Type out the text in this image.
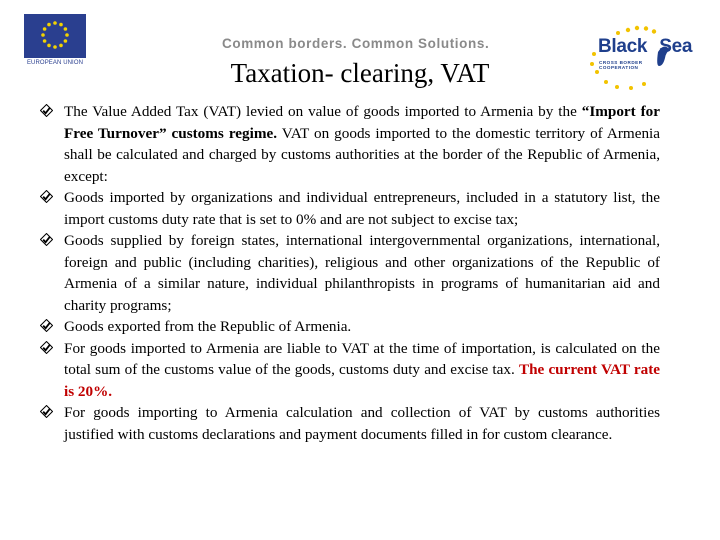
EUROPEAN UNION
Common borders. Common Solutions.	Black Sea
CROSS BORDER
COOPERATION
Taxation- clearing, VAT

The Value Added Tax (VAT) levied on value of goods imported to Armenia by the “Import for Free Turnover” customs regime. VAT on goods imported to the domestic territory of Armenia shall be calculated and charged by customs authorities at the border of the Republic of Armenia, except:

Goods imported by organizations and individual entrepreneurs, included in a statutory list, the import customs duty rate that is set to 0% and are not subject to excise tax;

Goods supplied by foreign states, international intergovernmental organizations, international, foreign and public (including charities), religious and other organizations of the Republic of Armenia of a similar nature, individual philanthropists in programs of humanitarian aid and charity programs;

Goods exported from the Republic of Armenia.

For goods imported to Armenia are liable to VAT at the time of importation, is calculated on the total sum of the customs value of the goods, customs duty and excise tax. The current VAT rate is 20%.

For goods importing to Armenia calculation and collection of VAT by customs authorities justified with customs declarations and payment documents filled in for custom clearance.
